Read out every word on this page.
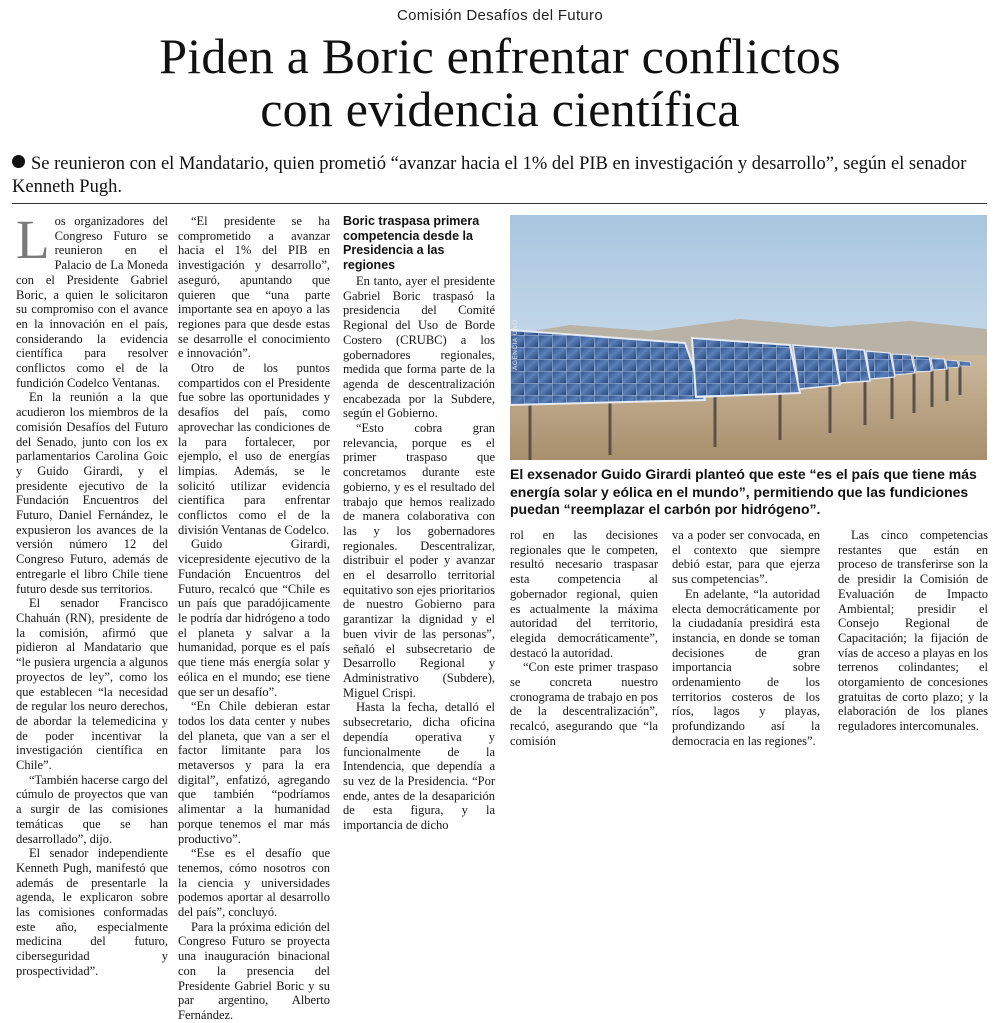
Comisión Desafíos del Futuro
Piden a Boric enfrentar conflictos
con evidencia científica
Se reunieron con el Mandatario, quien prometió “avanzar hacia el 1% del PIB en investigación y desarrollo”, según el senador Kenneth Pugh.

Los organizadores del Congreso Futuro se reunieron en el Palacio de La Moneda con el Presidente Gabriel Boric, a quien le solicitaron su compromiso con el avance en la innovación en el país, considerando la evidencia científica para resolver conflictos como el de la fundición Codelco Ventanas.

En la reunión a la que acudieron los miembros de la comisión Desafíos del Futuro del Senado, junto con los ex parlamentarios Carolina Goic y Guido Girardi, y el presidente ejecutivo de la Fundación Encuentros del Futuro, Daniel Fernández, le expusieron los avances de la versión número 12 del Congreso Futuro, además de entregarle el libro Chile tiene futuro desde sus territorios.

El senador Francisco Chahuán (RN), presidente de la comisión, afirmó que pidieron al Mandatario que “le pusiera urgencia a algunos proyectos de ley”, como los que establecen “la necesidad de regular los neuro derechos, de abordar la telemedicina y de poder incentivar la investigación científica en Chile”.

“También hacerse cargo del cúmulo de proyectos que van a surgir de las comisiones temáticas que se han desarrollado”, dijo.

El senador independiente Kenneth Pugh, manifestó que además de presentarle la agenda, le explicaron sobre las comisiones conformadas este año, especialmente medicina del futuro, ciberseguridad y prospectividad”.

“El presidente se ha comprometido a avanzar hacia el 1% del PIB en investigación y desarrollo”, aseguró, apuntando que quieren que “una parte importante sea en apoyo a las regiones para que desde estas se desarrolle el conocimiento e innovación”.

Otro de los puntos compartidos con el Presidente fue sobre las oportunidades y desafíos del país, como aprovechar las condiciones de la para fortalecer, por ejemplo, el uso de energías limpias. Además, se le solicitó utilizar evidencia científica para enfrentar conflictos como el de la división Ventanas de Codelco.

Guido Girardi, vicepresidente ejecutivo de la Fundación Encuentros del Futuro, recalcó que “Chile es un país que paradójicamente le podría dar hidrógeno a todo el planeta y salvar a la humanidad, porque es el país que tiene más energía solar y eólica en el mundo; ese tiene que ser un desafío”.

“En Chile debieran estar todos los data center y nubes del planeta, que van a ser el factor limitante para los metaversos y para la era digital”, enfatizó, agregando que también “podríamos alimentar a la humanidad porque tenemos el mar más productivo”.

“Ese es el desafío que tenemos, cómo nosotros con la ciencia y universidades podemos aportar al desarrollo del país”, concluyó.

Para la próxima edición del Congreso Futuro se proyecta una inauguración binacional con la presencia del Presidente Gabriel Boric y su par argentino, Alberto Fernández.

Boric traspasa primera competencia desde la Presidencia a las regiones

En tanto, ayer el presidente Gabriel Boric traspasó la presidencia del Comité Regional del Uso de Borde Costero (CRUBC) a los gobernadores regionales, medida que forma parte de la agenda de descentralización encabezada por la Subdere, según el Gobierno.

“Esto cobra gran relevancia, porque es el primer traspaso que concretamos durante este gobierno, y es el resultado del trabajo que hemos realizado de manera colaborativa con las y los gobernadores regionales. Descentralizar, distribuir el poder y avanzar en el desarrollo territorial equitativo son ejes prioritarios de nuestro Gobierno para garantizar la dignidad y el buen vivir de las personas”, señaló el subsecretario de Desarrollo Regional y Administrativo (Subdere), Miguel Crispi.

Hasta la fecha, detalló el subsecretario, dicha oficina dependía operativa y funcionalmente de la Intendencia, que dependía a su vez de la Presidencia. “Por ende, antes de la desaparición de esta figura, y la importancia de dicho

AGENCIA UNO
El exsenador Guido Girardi planteó que este “es el país que tiene más energía solar y eólica en el mundo”, permitiendo que las fundiciones puedan “reemplazar el carbón por hidrógeno”.

rol en las decisiones regionales que le competen, resultó necesario traspasar esta competencia al gobernador regional, quien es actualmente la máxima autoridad del territorio, elegida democráticamente”, destacó la autoridad.

“Con este primer traspaso se concreta nuestro cronograma de trabajo en pos de la descentralización”, recalcó, asegurando que “la comisión

va a poder ser convocada, en el contexto que siempre debió estar, para que ejerza sus competencias”.

En adelante, “la autoridad electa democráticamente por la ciudadanía presidirá esta instancia, en donde se toman decisiones de gran importancia sobre ordenamiento de los territorios costeros de los ríos, lagos y playas, profundizando así la democracia en las regiones”.

Las cinco competencias restantes que están en proceso de transferirse son la de presidir la Comisión de Evaluación de Impacto Ambiental; presidir el Consejo Regional de Capacitación; la fijación de vías de acceso a playas en los terrenos colindantes; el otorgamiento de concesiones gratuitas de corto plazo; y la elaboración de los planes reguladores intercomunales.
